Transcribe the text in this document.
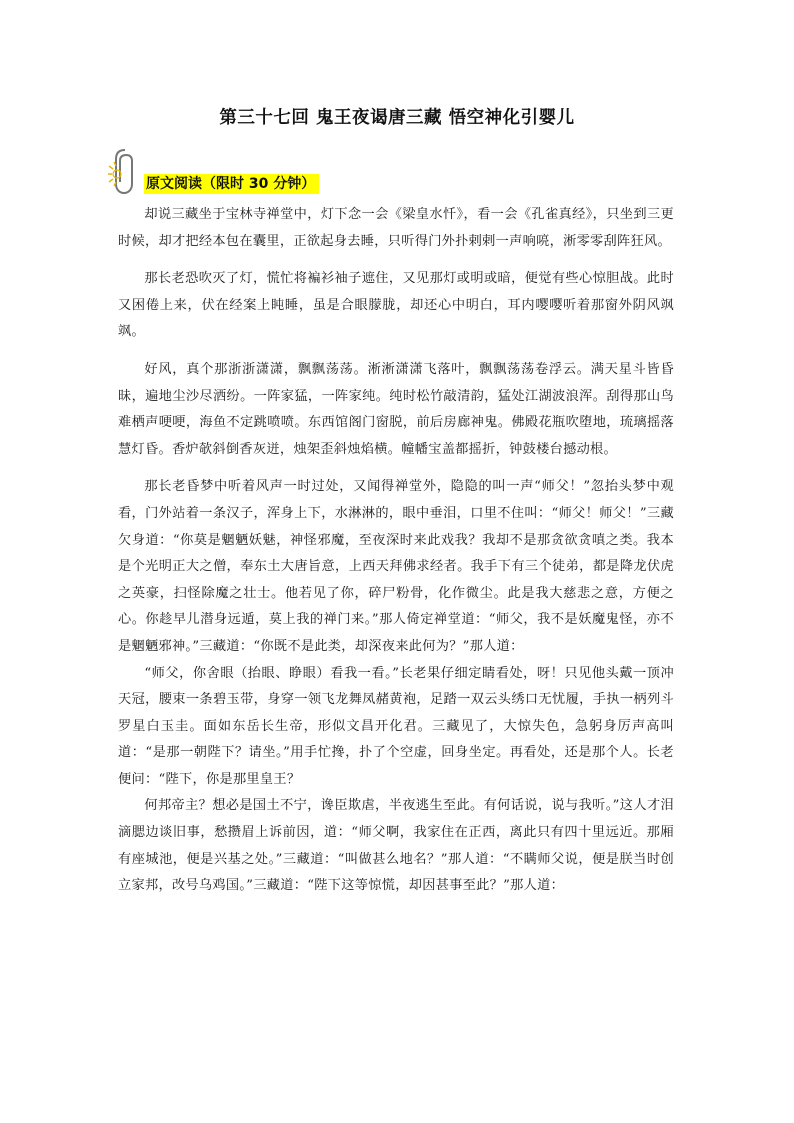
第三十七回 鬼王夜谒唐三藏 悟空神化引婴儿
原文阅读（限时 30 分钟）

却说三藏坐于宝林寺禅堂中，灯下念一会《梁皇水忏》，看一会《孔雀真经》，只坐到三更时候，却才把经本包在囊里，正欲起身去睡，只听得门外扑剌剌一声响喨，淅零零刮阵狂风。

那长老恐吹灭了灯，慌忙将褊衫袖子遮住，又见那灯或明或暗，便觉有些心惊胆战。此时又困倦上来，伏在经案上盹睡，虽是合眼朦胧，却还心中明白，耳内嘤嘤听着那窗外阴风飒飒。

好风，真个那浙浙潇潇，飘飘荡荡。淅淅潇潇飞落叶，飘飘荡荡卷浮云。满天星斗皆昏昧，遍地尘沙尽洒纷。一阵家猛，一阵家纯。纯时松竹敲清韵，猛处江湖波浪浑。刮得那山鸟难栖声哽哽，海鱼不定跳喷喷。东西馆阁门窗脱，前后房廊神鬼。佛殿花瓶吹堕地，琉璃摇落慧灯昏。香炉欹斜倒香灰迸，烛架歪斜烛焰横。幢幡宝盖都摇折，钟鼓楼台撼动根。

那长老昏梦中听着风声一时过处，又闻得禅堂外，隐隐的叫一声“师父！”忽抬头梦中观看，门外站着一条汉子，浑身上下，水淋淋的，眼中垂泪，口里不住叫：“师父！师父！”三藏欠身道：“你莫是魍魉妖魅，神怪邪魔，至夜深时来此戏我？我却不是那贪欲贪嗔之类。我本是个光明正大之僧，奉东土大唐旨意，上西天拜佛求经者。我手下有三个徒弟，都是降龙伏虎之英豪，扫怪除魔之壮士。他若见了你，碎尸粉骨，化作微尘。此是我大慈悲之意，方便之心。你趁早儿潜身远遁，莫上我的禅门来。”那人倚定禅堂道：“师父，我不是妖魔鬼怪，亦不是魍魉邪神。”三藏道：“你既不是此类，却深夜来此何为？”那人道：

“师父，你舍眼（抬眼、睁眼）看我一看。”长老果仔细定睛看处，呀！只见他头戴一顶冲天冠，腰束一条碧玉带，身穿一领飞龙舞凤赭黄袍，足踏一双云头绣口无忧履，手执一柄列斗罗星白玉圭。面如东岳长生帝，形似文昌开化君。三藏见了，大惊失色，急躬身厉声高叫道：“是那一朝陛下？请坐。”用手忙搀，扑了个空虚，回身坐定。再看处，还是那个人。长老便问：“陛下，你是那里皇王？

何邦帝主？想必是国土不宁，谗臣欺虐，半夜逃生至此。有何话说，说与我听。”这人才泪滴腮边谈旧事，愁攒眉上诉前因，道：“师父啊，我家住在正西，离此只有四十里远近。那厢有座城池，便是兴基之处。”三藏道：“叫做甚么地名？”那人道：“不瞒师父说，便是朕当时创立家邦，改号乌鸡国。”三藏道：“陛下这等惊慌，却因甚事至此？”那人道：
